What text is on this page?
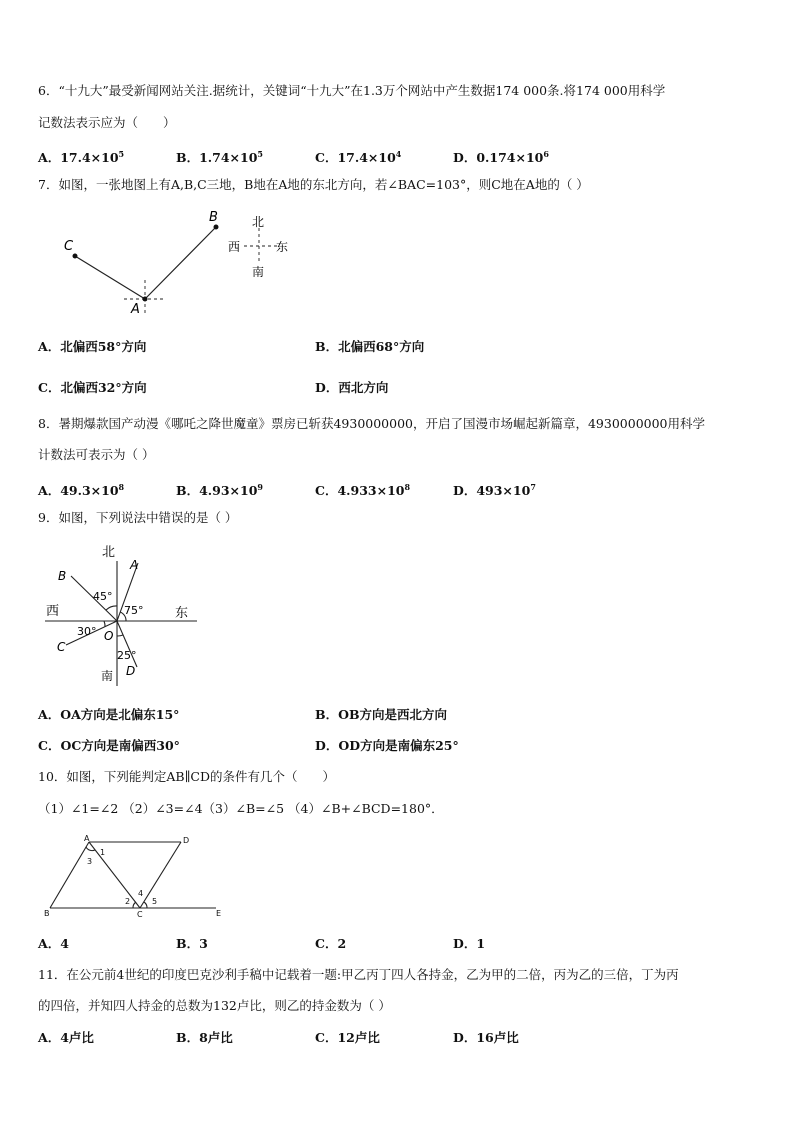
6．“十九大”最受新闻网站关注.据统计，关键词“十九大”在1.3万个网站中产生数据174 000条.将174 000用科学
记数法表示应为（　　）
A．$17.4\times 10^5$	B．$1.74\times 10^5$	C．$17.4\times 10^4$	D．$0.174\times 10^6$
7．如图，一张地图上有A,B,C三地，B地在A地的东北方向，若∠BAC=103°，则C地在A地的（ ）
C
A
B	北
南
西	东
A．北偏西58°方向	B．北偏西68°方向
C．北偏西32°方向	D．西北方向
8．暑期爆款国产动漫《哪吒之降世魔童》票房已斩获4930000000，开启了国漫市场崛起新篇章，4930000000用科学
计数法可表示为（ ）
A．$49.3\times 10^8$	B．$4.93\times 10^9$	C．$4.933\times 10^8$	D．$493\times 10^7$
9．如图，下列说法中错误的是（ ）
北
南
西	东
A
B
C
D
O
45°
75°
30°
25°
A．OA方向是北偏东15°	B．OB方向是西北方向
C．OC方向是南偏西30°	D．OD方向是南偏东25°
10．如图，下列能判定AB∥CD的条件有几个（　　）
（1）∠1=∠2 （2）∠3=∠4（3）∠B=∠5 （4）∠B+∠BCD=180°．
A	D
B	C	E
1
2
3
4
5
A．4	B．3	C．2	D．1
11．在公元前4世纪的印度巴克沙利手稿中记载着一题:甲乙丙丁四人各持金，乙为甲的二倍，丙为乙的三倍，丁为丙
的四倍，并知四人持金的总数为132卢比，则乙的持金数为（ ）
A．4卢比	B．8卢比	C．12卢比	D．16卢比
